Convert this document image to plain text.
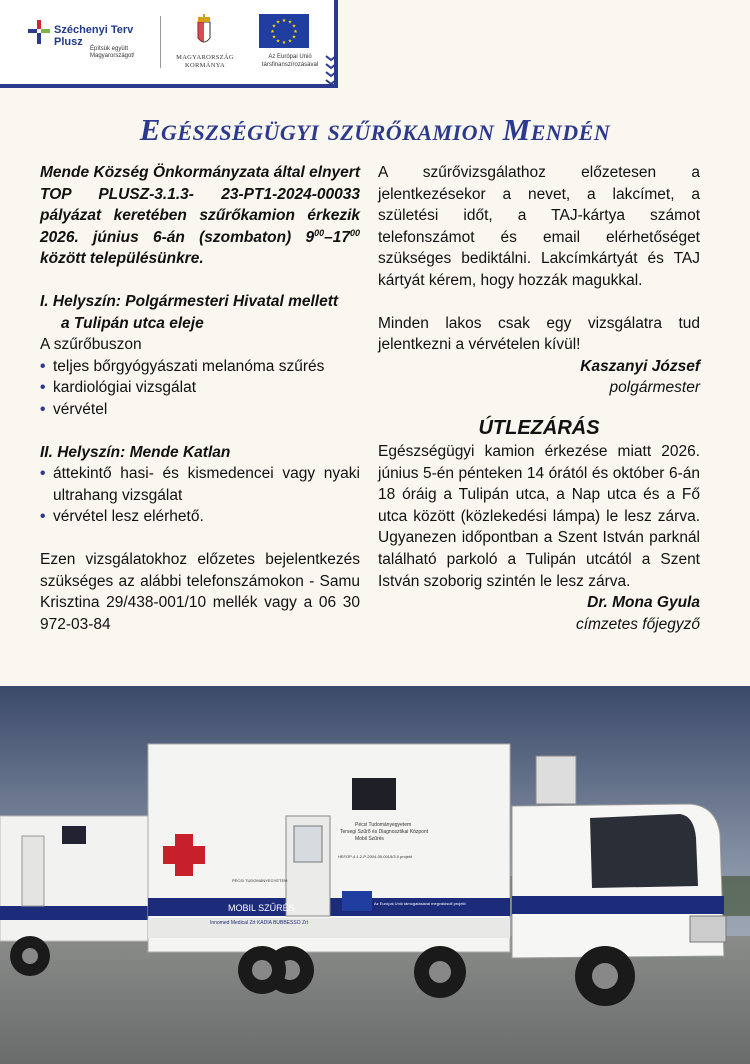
Széchenyi Terv
Plusz
Építsük együtt
Magyarországot!	MAGYARORSZÁG
KORMÁNYA
★ ★
★
★
★
★
★
★
★
★
★
★
Az Európai Unió
társfinanszírozásával
Egészségügyi szűrőkamion Mendén

Mende Község Önkormányzata által elnyert TOP PLUSZ-3.1.3- 23-PT1-2024-00033 pályázat keretében szűrőkamion érkezik 2026. június 6-án (szombaton) $9^{00}-17^{00}$ között településünkre.

I. Helyszín: Polgármesteri Hivatal mellett

a Tulipán utca eleje

A szűrőbuszon

• teljes bőrgyógyászati melanóma szűrés
• kardiológiai vizsgálat
• vérvétel

II. Helyszín: Mende Katlan

• áttekintő hasi- és kismedencei vagy nyaki ultrahang vizsgálat
• vérvétel lesz elérhető.

Ezen vizsgálatokhoz előzetes bejelentkezés szükséges az alábbi telefonszámokon - Samu Krisztina 29/438-001/10 mellék vagy a 06 30 972-03-84

A szűrővizsgálathoz előzetesen a jelentkezésekor a nevet, a lakcímet, a születési időt, a TAJ-kártya számot telefonszámot és email elérhetőséget szükséges bediktálni. Lakcímkártyát és TAJ kártyát kérem, hogy hozzák magukkal.

Minden lakos csak egy vizsgálatra tud jelentkezni a vérvételen kívül!

Kaszanyi József

polgármester

ÚTLEZÁRÁS

Egészségügyi kamion érkezése miatt 2026. június 5-én pénteken 14 órától és október 6-án 18 óráig a Tulipán utca, a Nap utca és a Fő utca között (közlekedési lámpa) le lesz zárva. Ugyanezen időpontban a Szent István parknál található parkoló a Tulipán utcától a Szent István szoborig szintén le lesz zárva.

Dr. Mona Gyula

címzetes főjegyző

MOBIL SZŰRÉS
Pécsi Tudományegyetem
Tersegi Szűrő és Diagnosztikai Központ
Mobil Szűrés
HEFOP-4.1.2-P-2004-05-0015/3.0 projekt
PÉCSI TUDOMÁNYEGYETEM
Innomed Medical Zrt KADIA BUBBESSO Zrt
Az Európai Unió támogatásával megvalósult projekt
